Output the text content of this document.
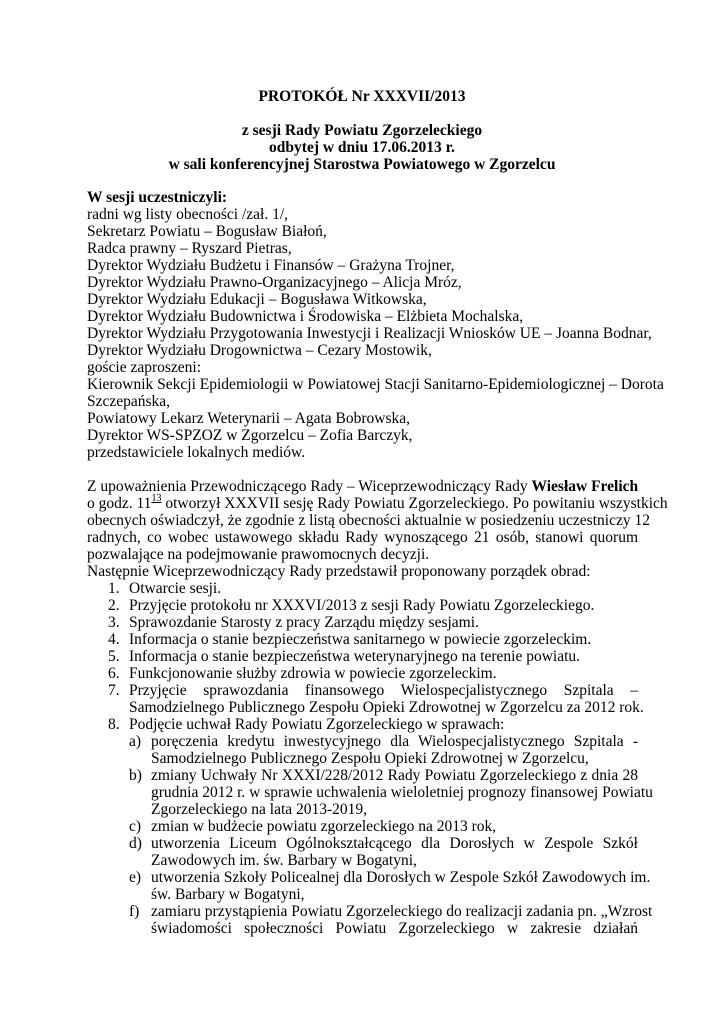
PROTOKÓŁ Nr XXXVII/2013
z sesji Rady Powiatu Zgorzeleckiego
odbytej w dniu 17.06.2013 r.
w sali konferencyjnej Starostwa Powiatowego w Zgorzelcu
W sesji uczestniczyli:
radni wg listy obecności /zał. 1/,
Sekretarz Powiatu – Bogusław Białoń,
Radca prawny – Ryszard Pietras,
Dyrektor Wydziału Budżetu i Finansów – Grażyna Trojner,
Dyrektor Wydziału Prawno-Organizacyjnego – Alicja Mróz,
Dyrektor Wydziału Edukacji – Bogusława Witkowska,
Dyrektor Wydziału Budownictwa i Środowiska – Elżbieta Mochalska,
Dyrektor Wydziału Przygotowania Inwestycji i Realizacji Wniosków UE – Joanna Bodnar,
Dyrektor Wydziału Drogownictwa – Cezary Mostowik,
goście zaproszeni:
Kierownik Sekcji Epidemiologii w Powiatowej Stacji Sanitarno-Epidemiologicznej – Dorota
Szczepańska,
Powiatowy Lekarz Weterynarii – Agata Bobrowska,
Dyrektor WS-SPZOZ w Zgorzelcu – Zofia Barczyk,
przedstawiciele lokalnych mediów.
Z upoważnienia Przewodniczącego Rady – Wiceprzewodniczący Rady Wiesław Frelich
o godz. $11^{13}$ otworzył XXXVII sesję Rady Powiatu Zgorzeleckiego. Po powitaniu wszystkich
obecnych oświadczył, że zgodnie z listą obecności aktualnie w posiedzeniu uczestniczy 12
radnych, co wobec ustawowego składu Rady wynoszącego 21 osób, stanowi quorum
pozwalające na podejmowanie prawomocnych decyzji.
Następnie Wiceprzewodniczący Rady przedstawił proponowany porządek obrad:
1. Otwarcie sesji.
2. Przyjęcie protokołu nr XXXVI/2013 z sesji Rady Powiatu Zgorzeleckiego.
3. Sprawozdanie Starosty z pracy Zarządu między sesjami.
4. Informacja o stanie bezpieczeństwa sanitarnego w powiecie zgorzeleckim.
5. Informacja o stanie bezpieczeństwa weterynaryjnego na terenie powiatu.
6. Funkcjonowanie służby zdrowia w powiecie zgorzeleckim.
7. Przyjęcie sprawozdania finansowego Wielospecjalistycznego Szpitala –
Samodzielnego Publicznego Zespołu Opieki Zdrowotnej w Zgorzelcu za 2012 rok.
8. Podjęcie uchwał Rady Powiatu Zgorzeleckiego w sprawach:
a) poręczenia kredytu inwestycyjnego dla Wielospecjalistycznego Szpitala -
Samodzielnego Publicznego Zespołu Opieki Zdrowotnej w Zgorzelcu,
b) zmiany Uchwały Nr XXXI/228/2012 Rady Powiatu Zgorzeleckiego z dnia 28
grudnia 2012 r. w sprawie uchwalenia wieloletniej prognozy finansowej Powiatu
Zgorzeleckiego na lata 2013-2019,
c) zmian w budżecie powiatu zgorzeleckiego na 2013 rok,
d) utworzenia Liceum Ogólnokształcącego dla Dorosłych w Zespole Szkół
Zawodowych im. św. Barbary w Bogatyni,
e) utworzenia Szkoły Policealnej dla Dorosłych w Zespole Szkół Zawodowych im.
św. Barbary w Bogatyni,
f) zamiaru przystąpienia Powiatu Zgorzeleckiego do realizacji zadania pn. „Wzrost
świadomości społeczności Powiatu Zgorzeleckiego w zakresie działań
